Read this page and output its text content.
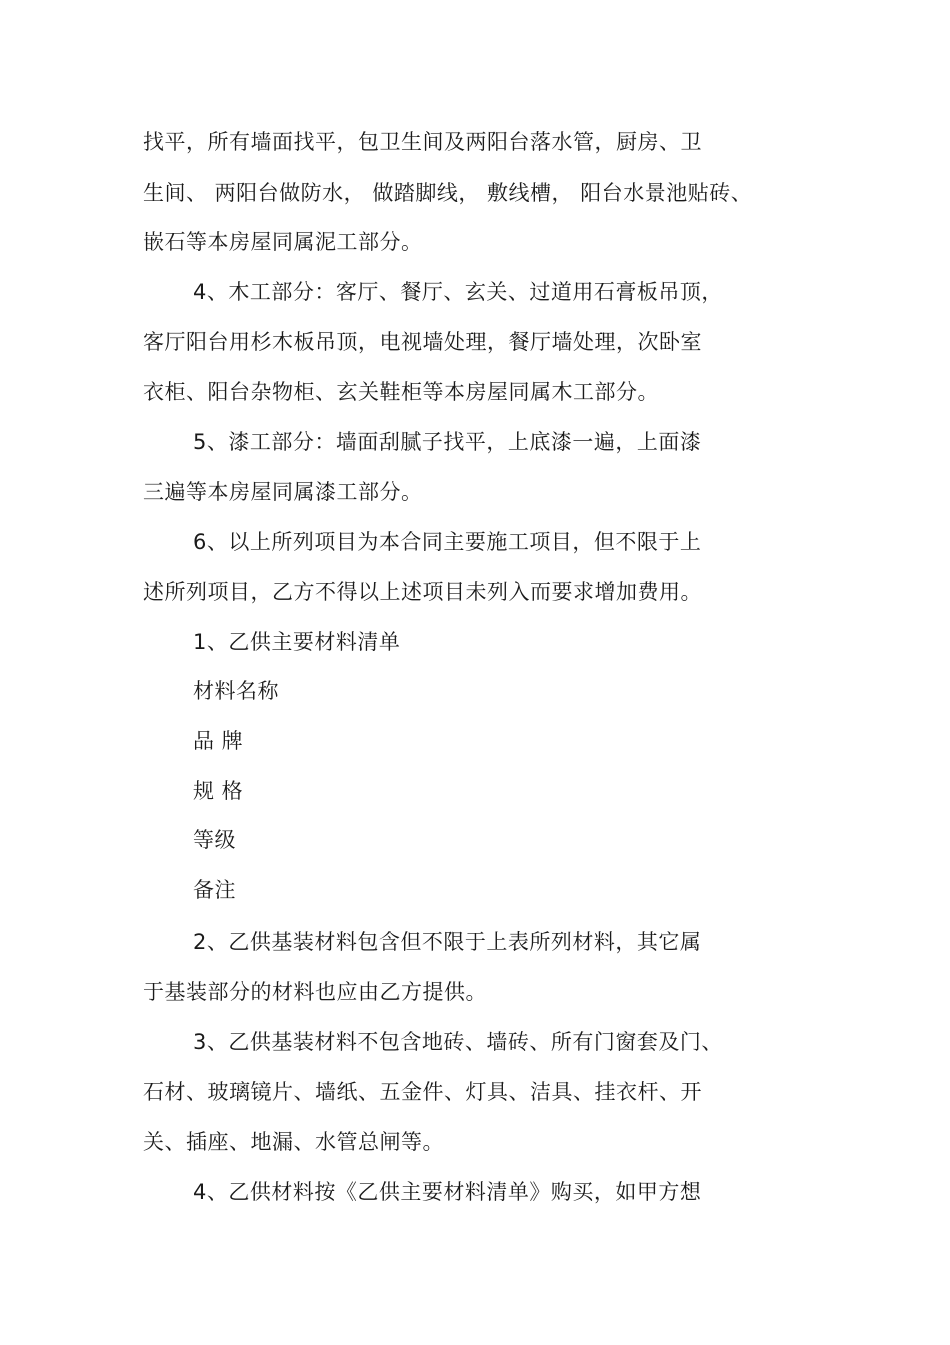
找平，所有墙面找平，包卫生间及两阳台落水管，厨房、卫
生间、 两阳台做防水， 做踏脚线， 敷线槽， 阳台水景池贴砖、
嵌石等本房屋同属泥工部分。
4、木工部分：客厅、餐厅、玄关、过道用石膏板吊顶，
客厅阳台用杉木板吊顶，电视墙处理，餐厅墙处理，次卧室
衣柜、阳台杂物柜、玄关鞋柜等本房屋同属木工部分。
5、漆工部分：墙面刮腻子找平，上底漆一遍，上面漆
三遍等本房屋同属漆工部分。
6、以上所列项目为本合同主要施工项目，但不限于上
述所列项目，乙方不得以上述项目未列入而要求增加费用。
1、乙供主要材料清单
材料名称
品 牌
规 格
等级
备注
2、乙供基装材料包含但不限于上表所列材料，其它属
于基装部分的材料也应由乙方提供。
3、乙供基装材料不包含地砖、墙砖、所有门窗套及门、
石材、玻璃镜片、墙纸、五金件、灯具、洁具、挂衣杆、开
关、插座、地漏、水管总闸等。
4、乙供材料按《乙供主要材料清单》购买，如甲方想
